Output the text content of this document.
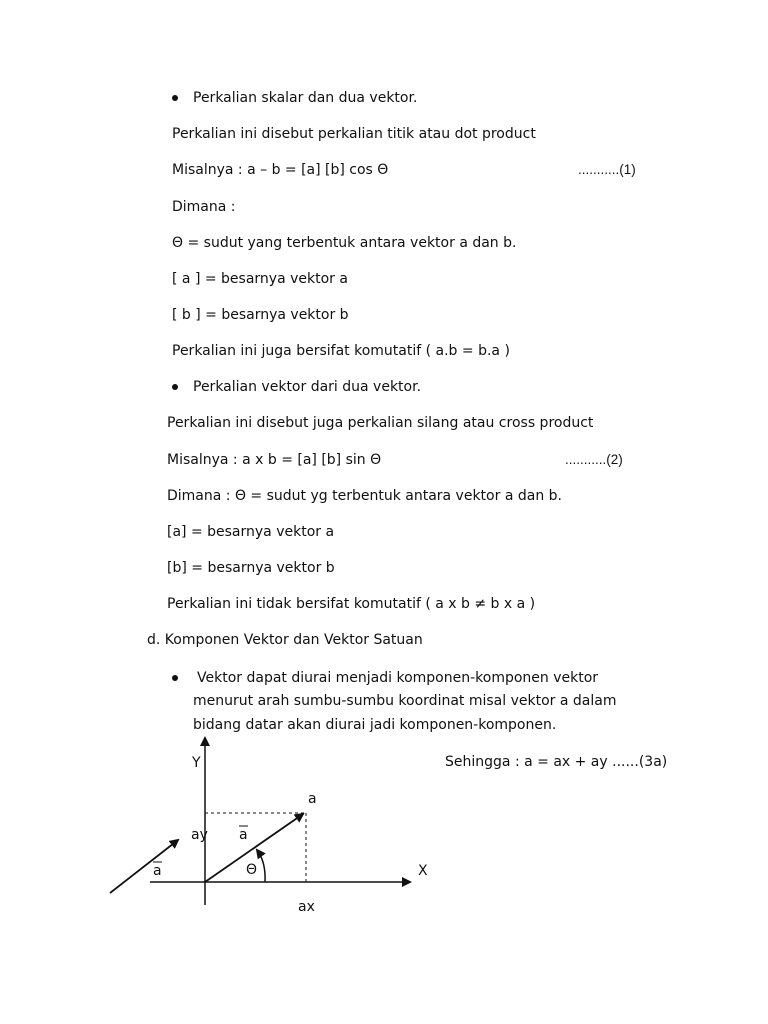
Perkalian skalar dan dua vektor.
Perkalian ini disebut perkalian titik atau dot product
Misalnya : a – b = [a] [b] cos Θ	...........(1)
Dimana :
Θ = sudut yang terbentuk antara vektor a dan b.
[ a ] = besarnya vektor a
[ b ] = besarnya vektor b
Perkalian ini juga bersifat komutatif ( a.b = b.a )
Perkalian vektor dari dua vektor.
Perkalian ini disebut juga perkalian silang atau cross product
Misalnya : a x b = [a] [b] sin Θ	...........(2)
Dimana : Θ = sudut yg terbentuk antara vektor a dan b.
[a] = besarnya vektor a
[b] = besarnya vektor b
Perkalian ini tidak bersifat komutatif ( a x b ≠ b x a )
d. Komponen Vektor dan Vektor Satuan
Vektor dapat diurai menjadi komponen-komponen vektor
menurut arah sumbu-sumbu koordinat misal vektor a dalam
bidang datar akan diurai jadi komponen-komponen.
Sehingga : a = ax + ay ......(3a)
Y
X
a
ay a
a	Θ
ax
